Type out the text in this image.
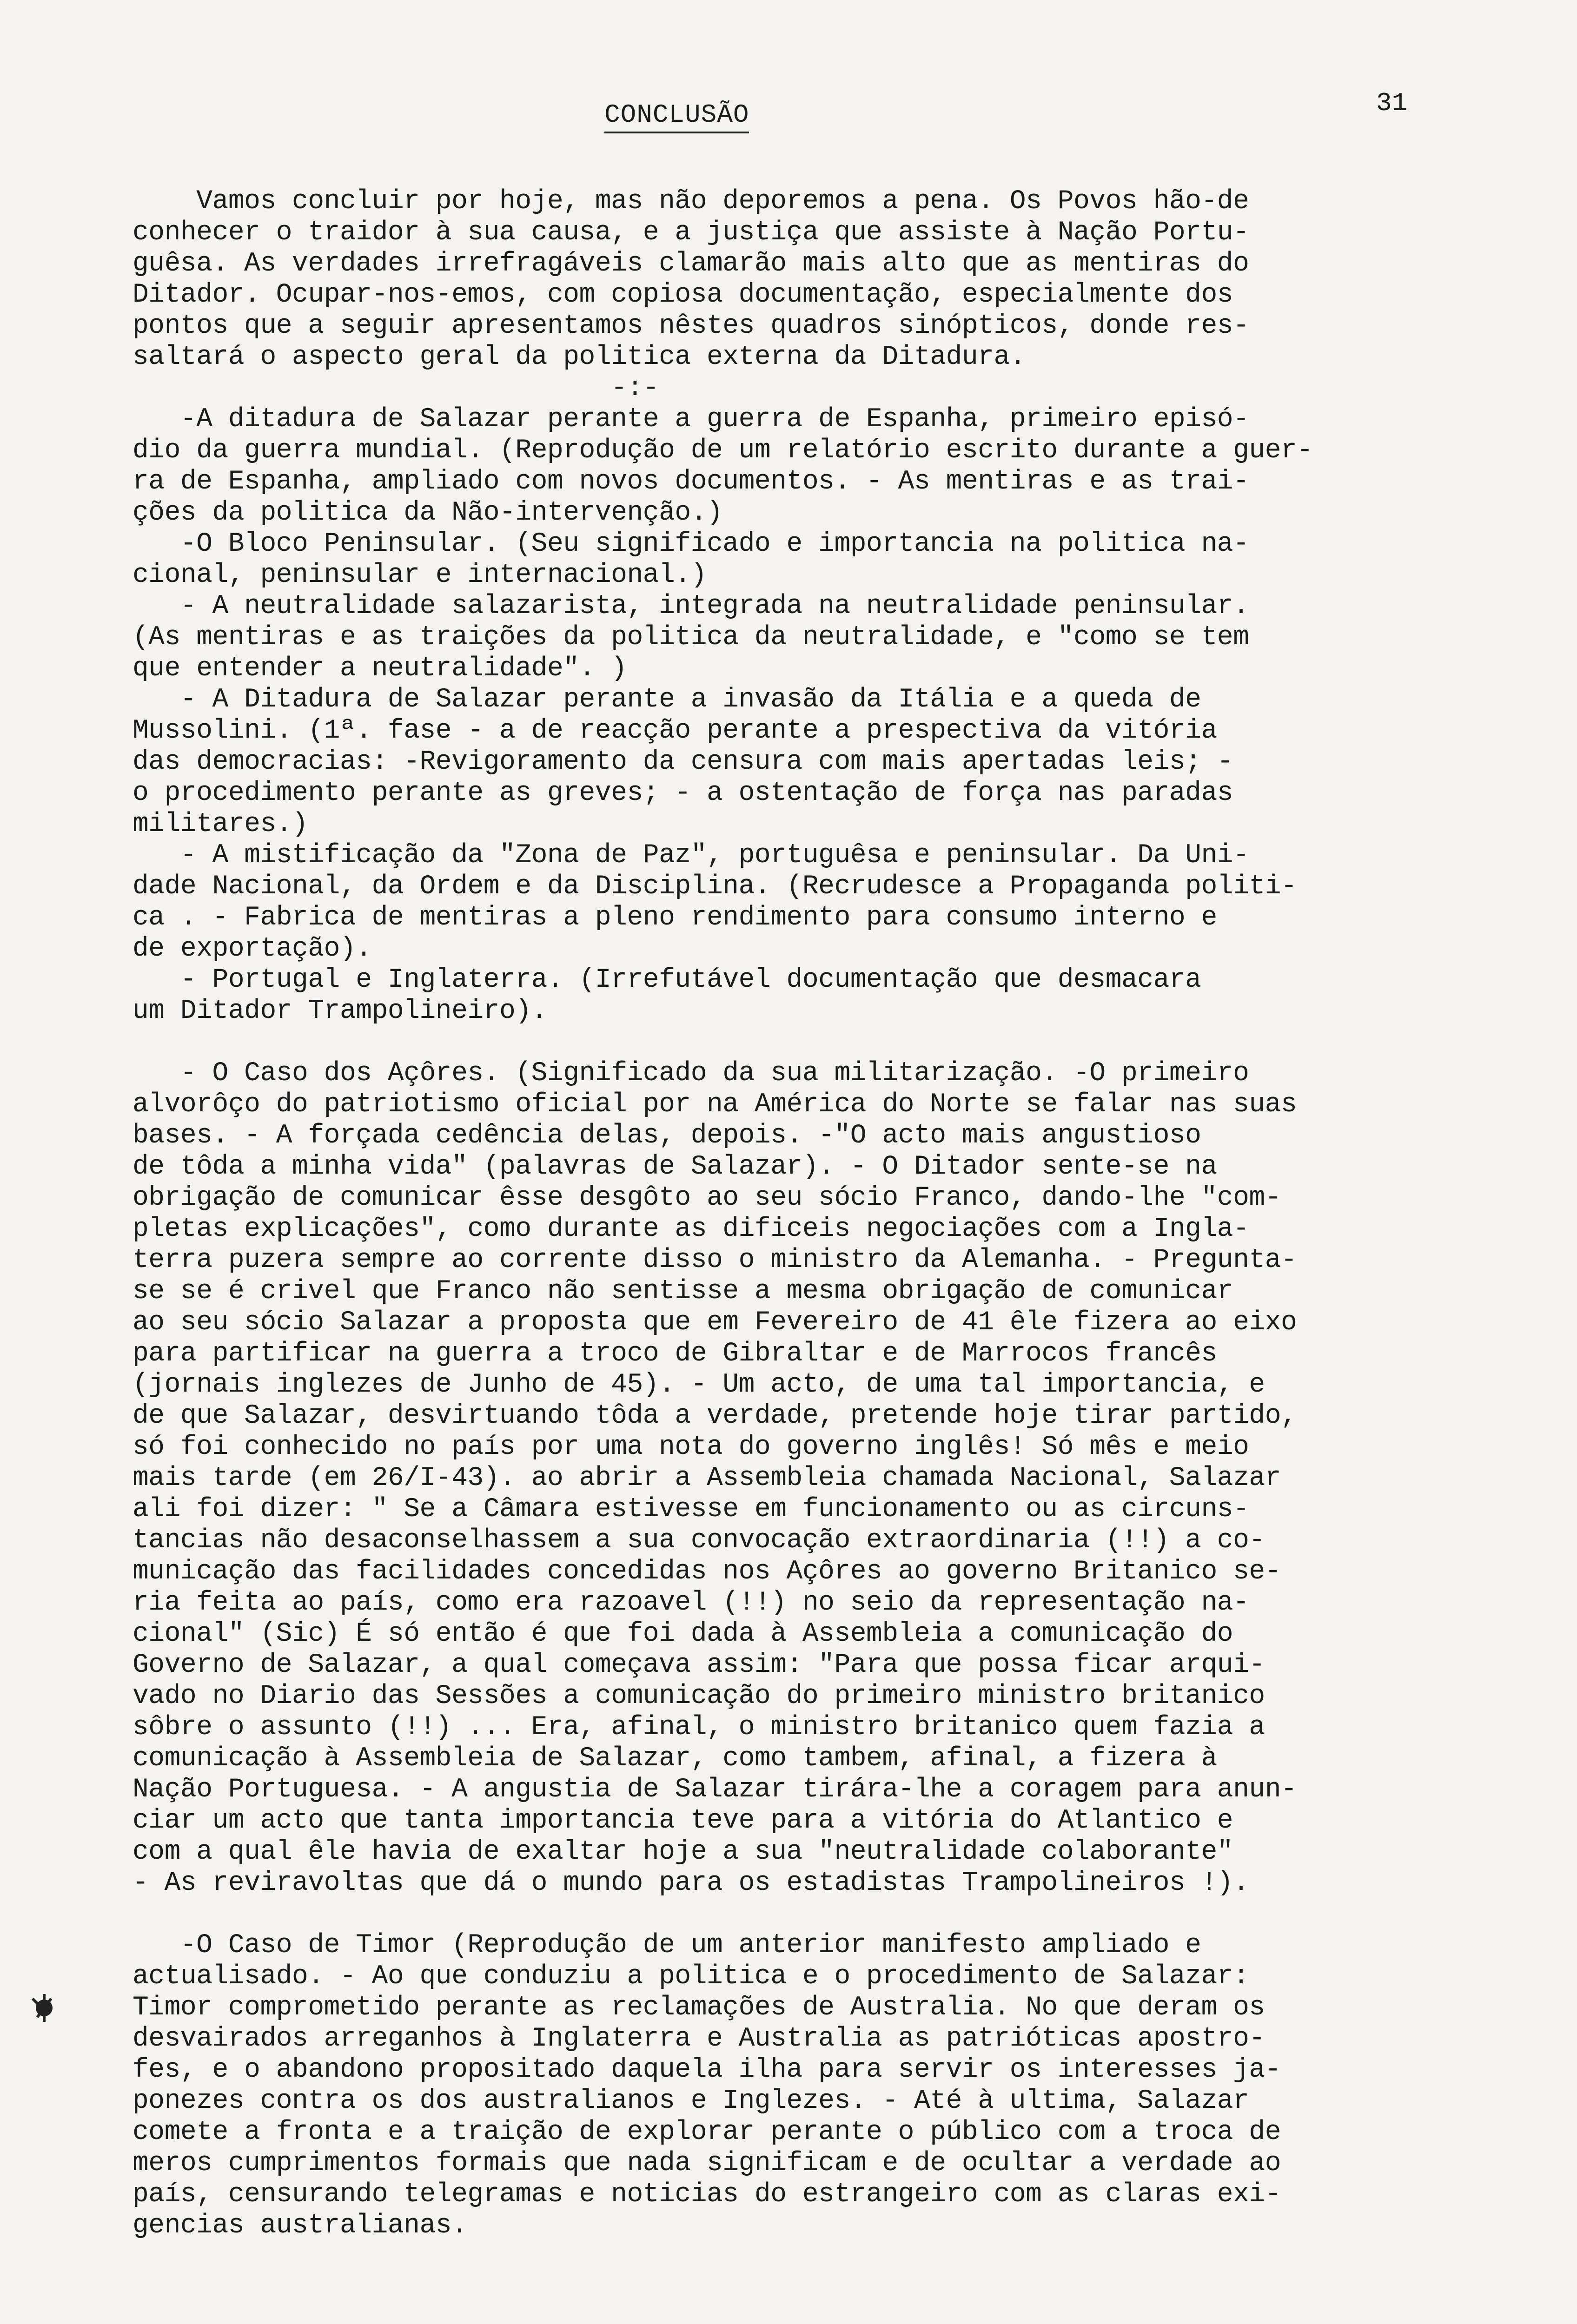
CONCLUSÃO	31
Vamos concluir por hoje, mas não deporemos a pena. Os Povos hão-de
conhecer o traidor à sua causa, e a justiça que assiste à Nação Portu-
guêsa. As verdades irrefragáveis clamarão mais alto que as mentiras do
Ditador. Ocupar-nos-emos, com copiosa documentação, especialmente dos
pontos que a seguir apresentamos nêstes quadros sinópticos, donde res-
saltará o aspecto geral da politica externa da Ditadura.
-:-
-A ditadura de Salazar perante a guerra de Espanha, primeiro episó-
dio da guerra mundial. (Reprodução de um relatório escrito durante a guer-
ra de Espanha, ampliado com novos documentos. - As mentiras e as trai-
ções da politica da Não-intervenção.)
-O Bloco Peninsular. (Seu significado e importancia na politica na-
cional, peninsular e internacional.)
- A neutralidade salazarista, integrada na neutralidade peninsular.
(As mentiras e as traições da politica da neutralidade, e "como se tem
que entender a neutralidade". )
- A Ditadura de Salazar perante a invasão da Itália e a queda de
Mussolini. (1ª. fase - a de reacção perante a prespectiva da vitória
das democracias: -Revigoramento da censura com mais apertadas leis; -
o procedimento perante as greves; - a ostentação de força nas paradas
militares.)
- A mistificação da "Zona de Paz", portuguêsa e peninsular. Da Uni-
dade Nacional, da Ordem e da Disciplina. (Recrudesce a Propaganda politi-
ca . - Fabrica de mentiras a pleno rendimento para consumo interno e
de exportação).
- Portugal e Inglaterra. (Irrefutável documentação que desmacara
um Ditador Trampolineiro).

- O Caso dos Açôres. (Significado da sua militarização. -O primeiro
alvorôço do patriotismo oficial por na América do Norte se falar nas suas
bases. - A forçada cedência delas, depois. -"O acto mais angustioso
de tôda a minha vida" (palavras de Salazar). - O Ditador sente-se na
obrigação de comunicar êsse desgôto ao seu sócio Franco, dando-lhe "com-
pletas explicações", como durante as dificeis negociações com a Ingla-
terra puzera sempre ao corrente disso o ministro da Alemanha. - Pregunta-
se se é crivel que Franco não sentisse a mesma obrigação de comunicar
ao seu sócio Salazar a proposta que em Fevereiro de 41 êle fizera ao eixo
para partificar na guerra a troco de Gibraltar e de Marrocos francês
(jornais inglezes de Junho de 45). - Um acto, de uma tal importancia, e
de que Salazar, desvirtuando tôda a verdade, pretende hoje tirar partido,
só foi conhecido no país por uma nota do governo inglês! Só mês e meio
mais tarde (em 26/I-43). ao abrir a Assembleia chamada Nacional, Salazar
ali foi dizer: " Se a Câmara estivesse em funcionamento ou as circuns-
tancias não desaconselhassem a sua convocação extraordinaria (!!) a co-
municação das facilidades concedidas nos Açôres ao governo Britanico se-
ria feita ao país, como era razoavel (!!) no seio da representação na-
cional" (Sic) É só então é que foi dada à Assembleia a comunicação do
Governo de Salazar, a qual começava assim: "Para que possa ficar arqui-
vado no Diario das Sessões a comunicação do primeiro ministro britanico
sôbre o assunto (!!) ... Era, afinal, o ministro britanico quem fazia a
comunicação à Assembleia de Salazar, como tambem, afinal, a fizera à
Nação Portuguesa. - A angustia de Salazar tirára-lhe a coragem para anun-
ciar um acto que tanta importancia teve para a vitória do Atlantico e
com a qual êle havia de exaltar hoje a sua "neutralidade colaborante"
- As reviravoltas que dá o mundo para os estadistas Trampolineiros !).

-O Caso de Timor (Reprodução de um anterior manifesto ampliado e
actualisado. - Ao que conduziu a politica e o procedimento de Salazar:
Timor comprometido perante as reclamações de Australia. No que deram os
desvairados arreganhos à Inglaterra e Australia as patrióticas apostro-
fes, e o abandono propositado daquela ilha para servir os interesses ja-
ponezes contra os dos australianos e Inglezes. - Até à ultima, Salazar
comete a fronta e a traição de explorar perante o público com a troca de
meros cumprimentos formais que nada significam e de ocultar a verdade ao
país, censurando telegramas e noticias do estrangeiro com as claras exi-
gencias australianas.
